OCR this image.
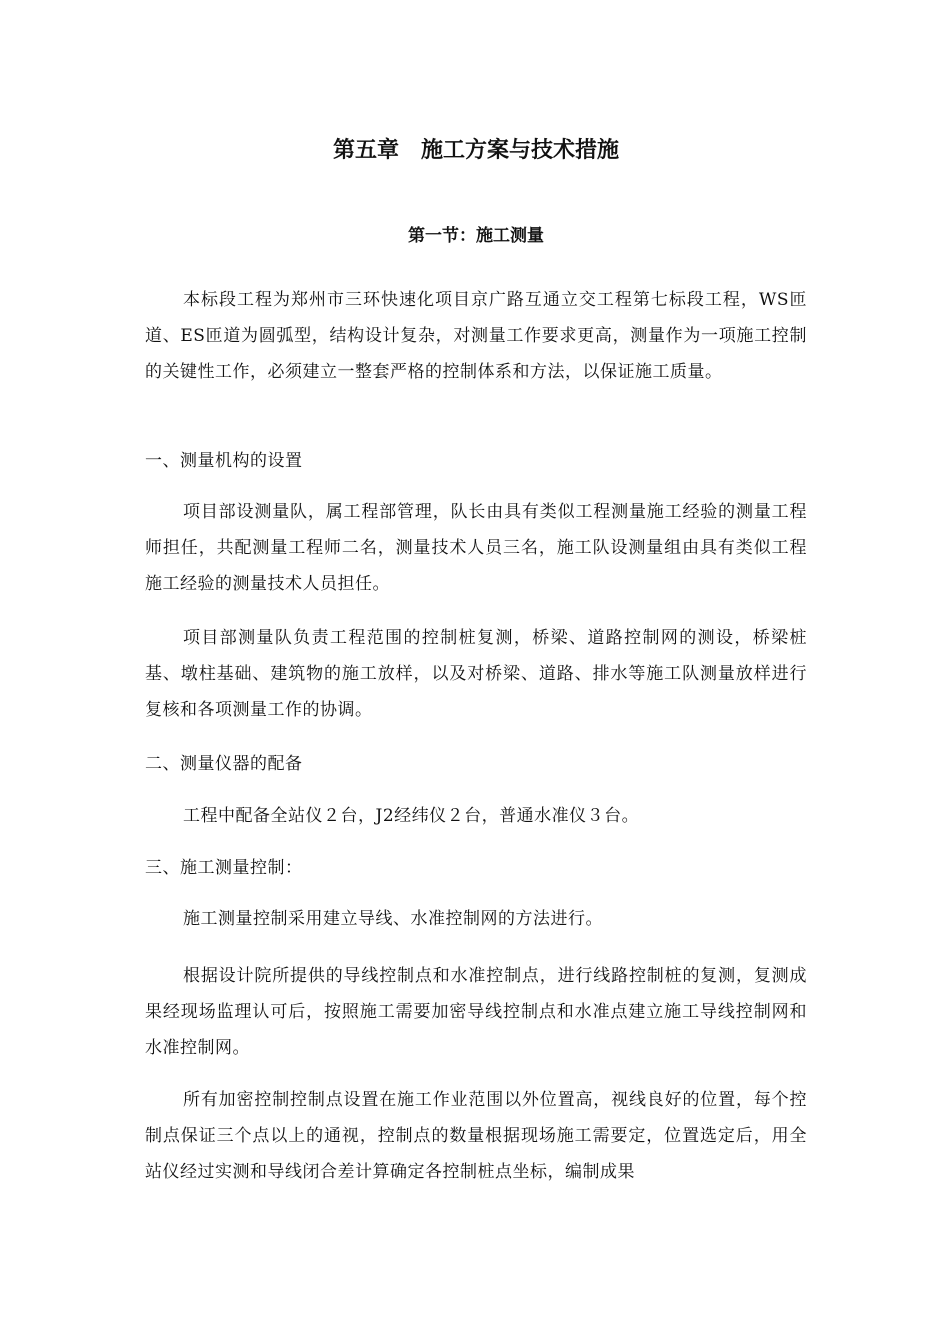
第五章　施工方案与技术措施
第一节：施工测量

本标段工程为郑州市三环快速化项目京广路互通立交工程第七标段工程，WS匝道、ES匝道为圆弧型，结构设计复杂，对测量工作要求更高，测量作为一项施工控制的关键性工作，必须建立一整套严格的控制体系和方法，以保证施工质量。

一、测量机构的设置

项目部设测量队，属工程部管理，队长由具有类似工程测量施工经验的测量工程师担任，共配测量工程师二名，测量技术人员三名，施工队设测量组由具有类似工程施工经验的测量技术人员担任。

项目部测量队负责工程范围的控制桩复测，桥梁、道路控制网的测设，桥梁桩基、墩柱基础、建筑物的施工放样，以及对桥梁、道路、排水等施工队测量放样进行复核和各项测量工作的协调。

二、测量仪器的配备

工程中配备全站仪２台，J2经纬仪２台，普通水准仪３台。

三、施工测量控制：

施工测量控制采用建立导线、水准控制网的方法进行。

根据设计院所提供的导线控制点和水准控制点，进行线路控制桩的复测，复测成果经现场监理认可后，按照施工需要加密导线控制点和水准点建立施工导线控制网和水准控制网。

所有加密控制控制点设置在施工作业范围以外位置高，视线良好的位置，每个控制点保证三个点以上的通视，控制点的数量根据现场施工需要定，位置选定后，用全站仪经过实测和导线闭合差计算确定各控制桩点坐标，编制成果
